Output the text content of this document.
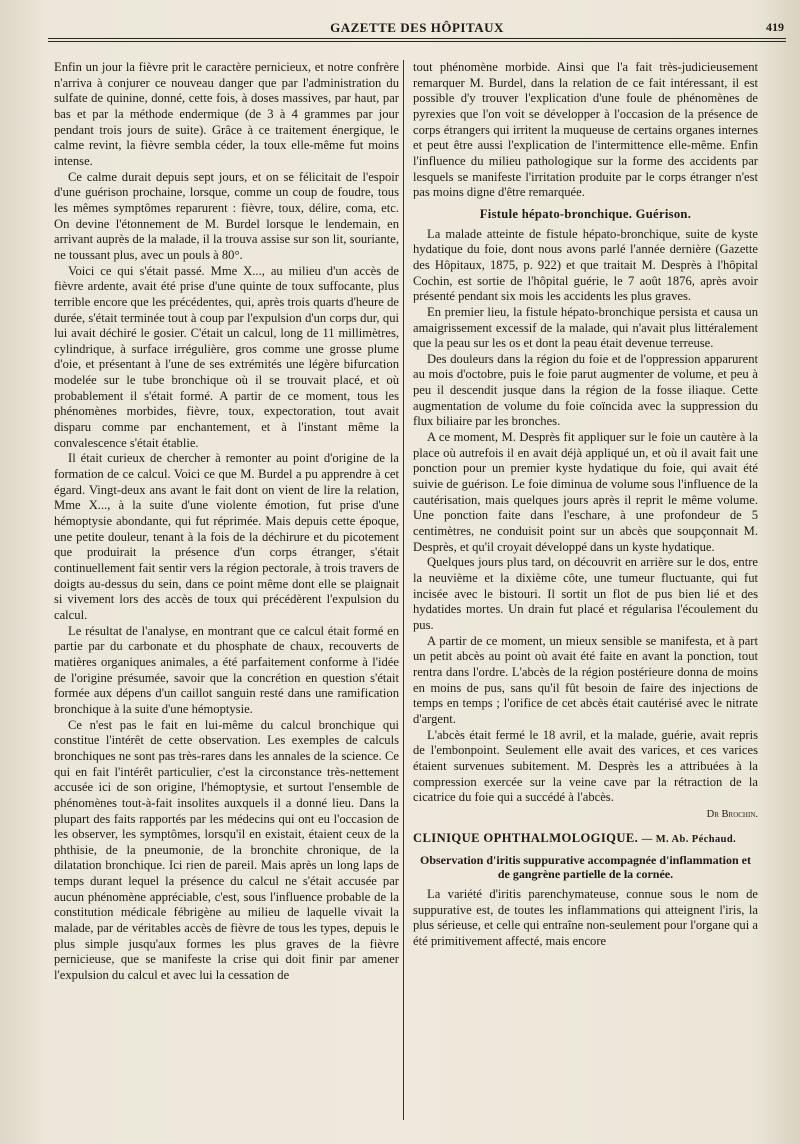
GAZETTE DES HÔPITAUX	419

Enfin un jour la fièvre prit le caractère pernicieux, et notre confrère n'arriva à conjurer ce nouveau danger que par l'administration du sulfate de quinine, donné, cette fois, à doses massives, par haut, par bas et par la méthode endermique (de 3 à 4 grammes par jour pendant trois jours de suite). Grâce à ce traitement énergique, le calme revint, la fièvre sembla céder, la toux elle-même fut moins intense.

Ce calme durait depuis sept jours, et on se félicitait de l'espoir d'une guérison prochaine, lorsque, comme un coup de foudre, tous les mêmes symptômes reparurent : fièvre, toux, délire, coma, etc. On devine l'étonnement de M. Burdel lorsque le lendemain, en arrivant auprès de la malade, il la trouva assise sur son lit, souriante, ne toussant plus, avec un pouls à 80°.

Voici ce qui s'était passé. Mme X..., au milieu d'un accès de fièvre ardente, avait été prise d'une quinte de toux suffocante, plus terrible encore que les précédentes, qui, après trois quarts d'heure de durée, s'était terminée tout à coup par l'expulsion d'un corps dur, qui lui avait déchiré le gosier. C'était un calcul, long de 11 millimètres, cylindrique, à surface irrégulière, gros comme une grosse plume d'oie, et présentant à l'une de ses extrémités une légère bifurcation modelée sur le tube bronchique où il se trouvait placé, et où probablement il s'était formé. A partir de ce moment, tous les phénomènes morbides, fièvre, toux, expectoration, tout avait disparu comme par enchantement, et à l'instant même la convalescence s'était établie.

Il était curieux de chercher à remonter au point d'origine de la formation de ce calcul. Voici ce que M. Burdel a pu apprendre à cet égard. Vingt-deux ans avant le fait dont on vient de lire la relation, Mme X..., à la suite d'une violente émotion, fut prise d'une hémoptysie abondante, qui fut réprimée. Mais depuis cette époque, une petite douleur, tenant à la fois de la déchirure et du picotement que produirait la présence d'un corps étranger, s'était continuellement fait sentir vers la région pectorale, à trois travers de doigts au-dessus du sein, dans ce point même dont elle se plaignait si vivement lors des accès de toux qui précédèrent l'expulsion du calcul.

Le résultat de l'analyse, en montrant que ce calcul était formé en partie par du carbonate et du phosphate de chaux, recouverts de matières organiques animales, a été parfaitement conforme à l'idée de l'origine présumée, savoir que la concrétion en question s'était formée aux dépens d'un caillot sanguin resté dans une ramification bronchique à la suite d'une hémoptysie.

Ce n'est pas le fait en lui-même du calcul bronchique qui constitue l'intérêt de cette observation. Les exemples de calculs bronchiques ne sont pas très-rares dans les annales de la science. Ce qui en fait l'intérêt particulier, c'est la circonstance très-nettement accusée ici de son origine, l'hémoptysie, et surtout l'ensemble de phénomènes tout-à-fait insolites auxquels il a donné lieu. Dans la plupart des faits rapportés par les médecins qui ont eu l'occasion de les observer, les symptômes, lorsqu'il en existait, étaient ceux de la phthisie, de la pneumonie, de la bronchite chronique, de la dilatation bronchique. Ici rien de pareil. Mais après un long laps de temps durant lequel la présence du calcul ne s'était accusée par aucun phénomène appréciable, c'est, sous l'influence probable de la constitution médicale fébrigène au milieu de laquelle vivait la malade, par de véritables accès de fièvre de tous les types, depuis le plus simple jusqu'aux formes les plus graves de la fièvre pernicieuse, que se manifeste la crise qui doit finir par amener l'expulsion du calcul et avec lui la cessation de

tout phénomène morbide. Ainsi que l'a fait très-judicieusement remarquer M. Burdel, dans la relation de ce fait intéressant, il est possible d'y trouver l'explication d'une foule de phénomènes de pyrexies que l'on voit se développer à l'occasion de la présence de corps étrangers qui irritent la muqueuse de certains organes internes et peut être aussi l'explication de l'intermittence elle-même. Enfin l'influence du milieu pathologique sur la forme des accidents par lesquels se manifeste l'irritation produite par le corps étranger n'est pas moins digne d'être remarquée.

Fistule hépato-bronchique. Guérison.

La malade atteinte de fistule hépato-bronchique, suite de kyste hydatique du foie, dont nous avons parlé l'année dernière (Gazette des Hôpitaux, 1875, p. 922) et que traitait M. Desprès à l'hôpital Cochin, est sortie de l'hôpital guérie, le 7 août 1876, après avoir présenté pendant six mois les accidents les plus graves.

En premier lieu, la fistule hépato-bronchique persista et causa un amaigrissement excessif de la malade, qui n'avait plus littéralement que la peau sur les os et dont la peau était devenue terreuse.

Des douleurs dans la région du foie et de l'oppression apparurent au mois d'octobre, puis le foie parut augmenter de volume, et peu à peu il descendit jusque dans la région de la fosse iliaque. Cette augmentation de volume du foie coïncida avec la suppression du flux biliaire par les bronches.

A ce moment, M. Desprès fit appliquer sur le foie un cautère à la place où autrefois il en avait déjà appliqué un, et où il avait fait une ponction pour un premier kyste hydatique du foie, qui avait été suivie de guérison. Le foie diminua de volume sous l'influence de la cautérisation, mais quelques jours après il reprit le même volume. Une ponction faite dans l'eschare, à une profondeur de 5 centimètres, ne conduisit point sur un abcès que soupçonnait M. Desprès, et qu'il croyait développé dans un kyste hydatique.

Quelques jours plus tard, on découvrit en arrière sur le dos, entre la neuvième et la dixième côte, une tumeur fluctuante, qui fut incisée avec le bistouri. Il sortit un flot de pus bien lié et des hydatides mortes. Un drain fut placé et régularisa l'écoulement du pus.

A partir de ce moment, un mieux sensible se manifesta, et à part un petit abcès au point où avait été faite en avant la ponction, tout rentra dans l'ordre. L'abcès de la région postérieure donna de moins en moins de pus, sans qu'il fût besoin de faire des injections de temps en temps ; l'orifice de cet abcès était cautérisé avec le nitrate d'argent.

L'abcès était fermé le 18 avril, et la malade, guérie, avait repris de l'embonpoint. Seulement elle avait des varices, et ces varices étaient survenues subitement. M. Desprès les a attribuées à la compression exercée sur la veine cave par la rétraction de la cicatrice du foie qui a succédé à l'abcès.

Dr Brochin.
CLINIQUE OPHTHALMOLOGIQUE. — M. Ab. Péchaud.
Observation d'iritis suppurative accompagnée d'inflammation et de gangrène partielle de la cornée.

La variété d'iritis parenchymateuse, connue sous le nom de suppurative est, de toutes les inflammations qui atteignent l'iris, la plus sérieuse, et celle qui entraîne non-seulement pour l'organe qui a été primitivement affecté, mais encore
